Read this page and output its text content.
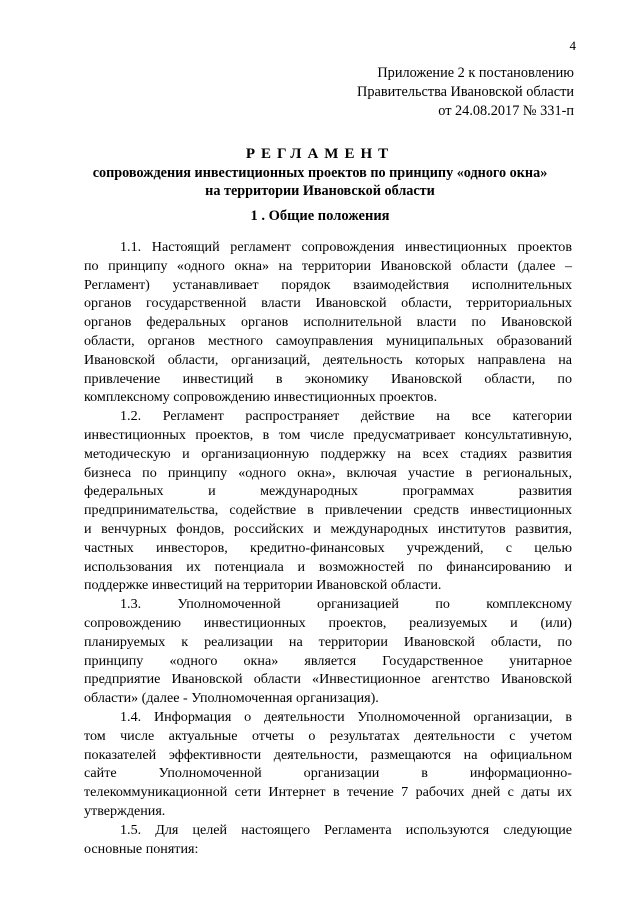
4
Приложение 2 к постановлению
Правительства Ивановской области
от 24.08.2017 № 331-п
РЕГЛАМЕНТ
сопровождения инвестиционных проектов по принципу «одного окна»
на территории Ивановской области
1 . Общие положения
1.1. Настоящий регламент сопровождения инвестиционных проектов
по принципу «одного окна» на территории Ивановской области (далее –
Регламент) устанавливает порядок взаимодействия исполнительных
органов государственной власти Ивановской области, территориальных
органов федеральных органов исполнительной власти по Ивановской
области, органов местного самоуправления муниципальных образований
Ивановской области, организаций, деятельность которых направлена на
привлечение инвестиций в экономику Ивановской области, по
комплексному сопровождению инвестиционных проектов.
1.2. Регламент распространяет действие на все категории
инвестиционных проектов, в том числе предусматривает консультативную,
методическую и организационную поддержку на всех стадиях развития
бизнеса по принципу «одного окна», включая участие в региональных,
федеральных и международных программах развития
предпринимательства, содействие в привлечении средств инвестиционных
и венчурных фондов, российских и международных институтов развития,
частных инвесторов, кредитно-финансовых учреждений, с целью
использования их потенциала и возможностей по финансированию и
поддержке инвестиций на территории Ивановской области.
1.3. Уполномоченной организацией по комплексному
сопровождению инвестиционных проектов, реализуемых и (или)
планируемых к реализации на территории Ивановской области, по
принципу «одного окна» является Государственное унитарное
предприятие Ивановской области «Инвестиционное агентство Ивановской
области» (далее - Уполномоченная организация).
1.4. Информация о деятельности Уполномоченной организации, в
том числе актуальные отчеты о результатах деятельности с учетом
показателей эффективности деятельности, размещаются на официальном
сайте Уполномоченной организации в информационно-
телекоммуникационной сети Интернет в течение 7 рабочих дней с даты их
утверждения.
1.5. Для целей настоящего Регламента используются следующие
основные понятия:
